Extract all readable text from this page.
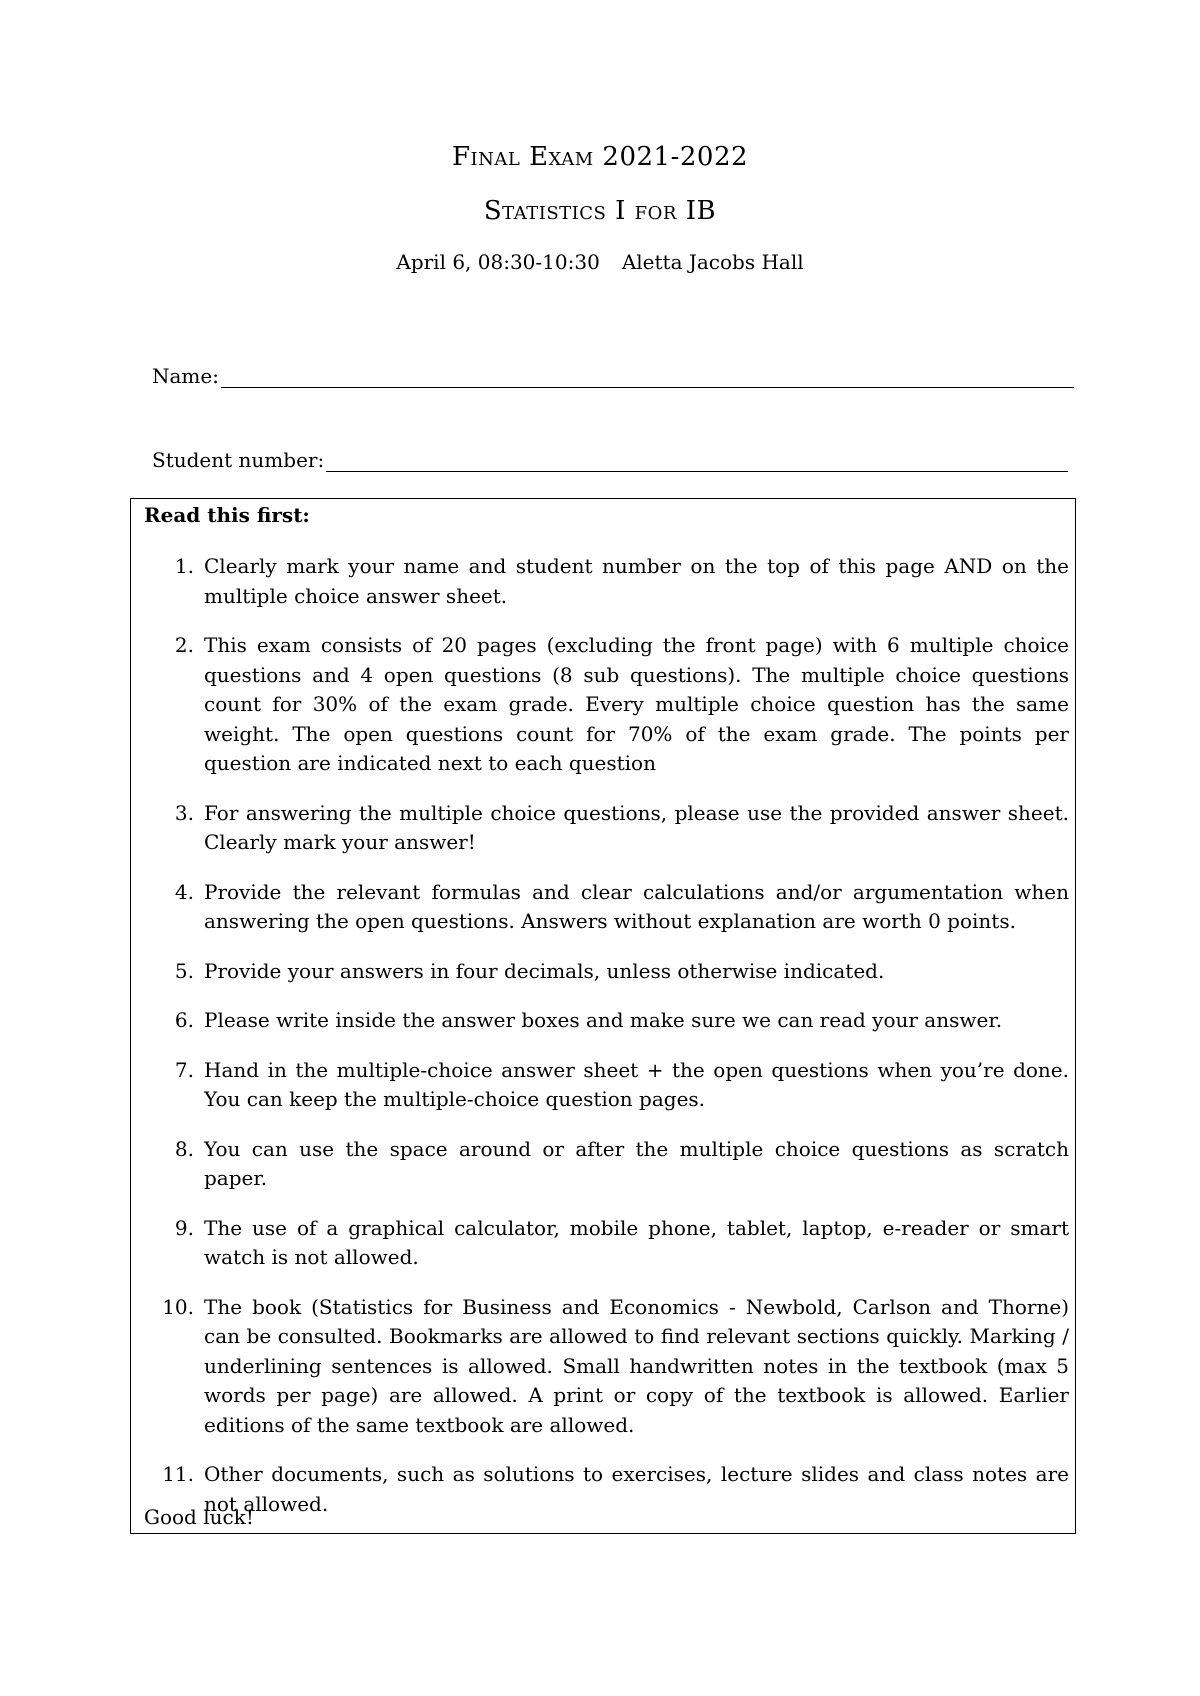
Final Exam 2021-2022
Statistics I for IB
April 6, 08:30-10:30 Aletta Jacobs Hall
Name:
Student number:
Read this first:
1. Clearly mark your name and student number on the top of this page AND on the multiple choice answer sheet.
2. This exam consists of 20 pages (excluding the front page) with 6 multiple choice questions and 4 open questions (8 sub questions). The multiple choice questions count for 30% of the exam grade. Every multiple choice question has the same weight. The open questions count for 70% of the exam grade. The points per question are indicated next to each question
3. For answering the multiple choice questions, please use the provided answer sheet. Clearly mark your answer!
4. Provide the relevant formulas and clear calculations and/or argumentation when answering the open questions. Answers without explanation are worth 0 points.
5. Provide your answers in four decimals, unless otherwise indicated.
6. Please write inside the answer boxes and make sure we can read your answer.
7. Hand in the multiple-choice answer sheet + the open questions when you’re done. You can keep the multiple-choice question pages.
8. You can use the space around or after the multiple choice questions as scratch paper.
9. The use of a graphical calculator, mobile phone, tablet, laptop, e-reader or smart watch is not allowed.
10. The book (Statistics for Business and Economics - Newbold, Carlson and Thorne) can be consulted. Bookmarks are allowed to find relevant sections quickly. Marking / underlining sentences is allowed. Small handwritten notes in the textbook (max 5 words per page) are allowed. A print or copy of the textbook is allowed. Earlier editions of the same textbook are allowed.
11. Other documents, such as solutions to exercises, lecture slides and class notes are not allowed.
Good luck!
